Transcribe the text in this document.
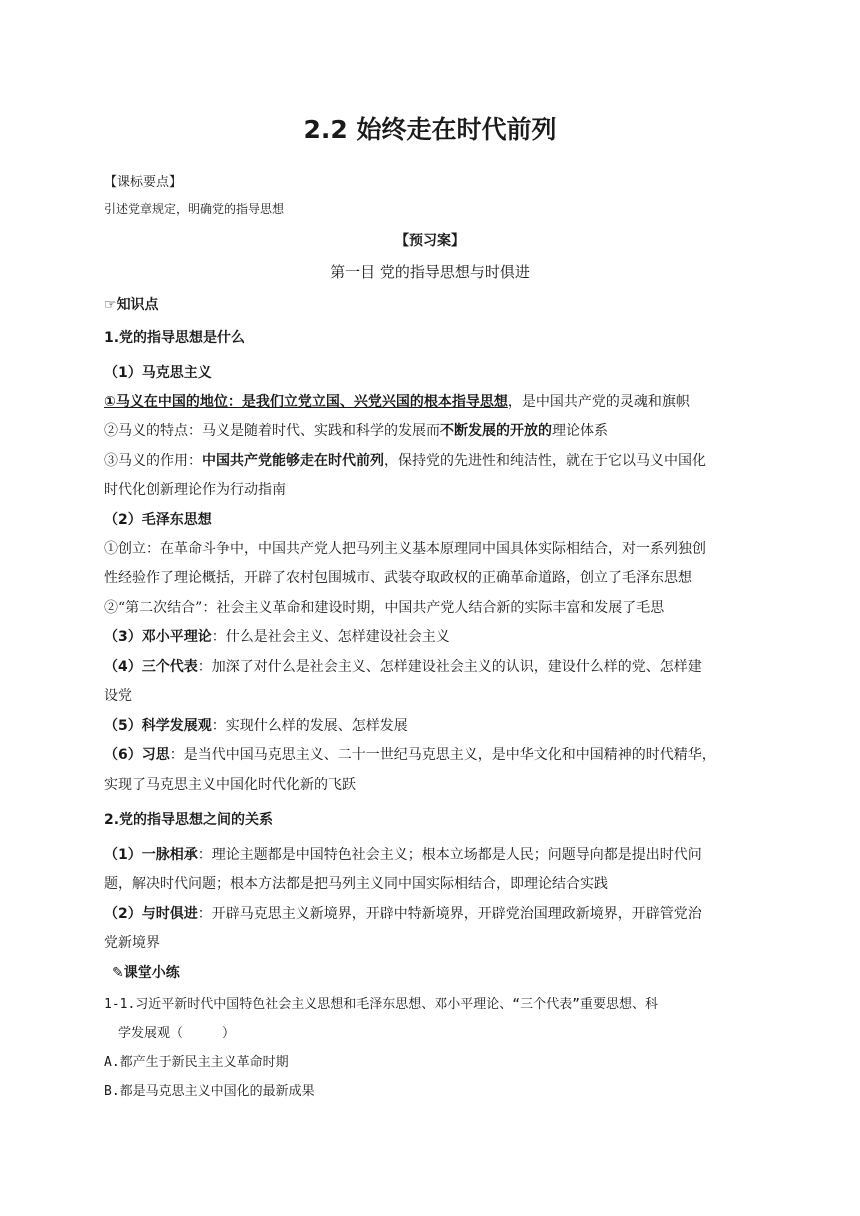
2.2 始终走在时代前列
【课标要点】
引述党章规定，明确党的指导思想
【预习案】
第一目 党的指导思想与时俱进
☞知识点
1.党的指导思想是什么
（1）马克思主义
①马义在中国的地位：是我们立党立国、兴党兴国的根本指导思想，是中国共产党的灵魂和旗帜
②马义的特点：马义是随着时代、实践和科学的发展而不断发展的开放的理论体系
③马义的作用：中国共产党能够走在时代前列，保持党的先进性和纯洁性，就在于它以马义中国化
时代化创新理论作为行动指南
（2）毛泽东思想
①创立：在革命斗争中，中国共产党人把马列主义基本原理同中国具体实际相结合，对一系列独创
性经验作了理论概括，开辟了农村包围城市、武装夺取政权的正确革命道路，创立了毛泽东思想
②“第二次结合”：社会主义革命和建设时期，中国共产党人结合新的实际丰富和发展了毛思
（3）邓小平理论：什么是社会主义、怎样建设社会主义
（4）三个代表：加深了对什么是社会主义、怎样建设社会主义的认识，建设什么样的党、怎样建
设党
（5）科学发展观：实现什么样的发展、怎样发展
（6）习思：是当代中国马克思主义、二十一世纪马克思主义，是中华文化和中国精神的时代精华，
实现了马克思主义中国化时代化新的飞跃
2.党的指导思想之间的关系
（1）一脉相承：理论主题都是中国特色社会主义；根本立场都是人民；问题导向都是提出时代问
题，解决时代问题；根本方法都是把马列主义同中国实际相结合，即理论结合实践
（2）与时俱进：开辟马克思主义新境界，开辟中特新境界，开辟党治国理政新境界，开辟管党治
党新境界
✎课堂小练
1-1.习近平新时代中国特色社会主义思想和毛泽东思想、邓小平理论、“三个代表”重要思想、科
学发展观（　　　）
A.都产生于新民主主义革命时期
B.都是马克思主义中国化的最新成果
